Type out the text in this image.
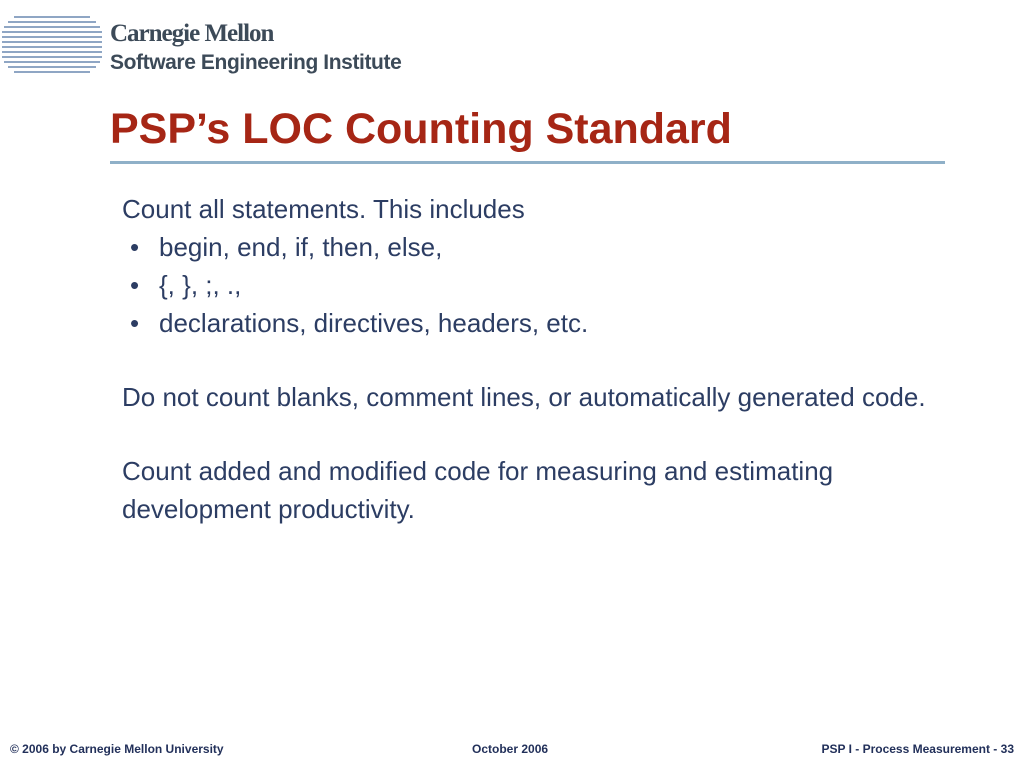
Carnegie Mellon
Software Engineering Institute
PSP’s LOC Counting Standard

Count all statements. This includes

• begin, end, if, then, else,
• {, }, ;, .,
• declarations, directives, headers, etc.

Do not count blanks, comment lines, or automatically generated code.

Count added and modified code for measuring and estimating development productivity.

© 2006 by Carnegie Mellon University	October 2006	PSP I - Process Measurement - 33
